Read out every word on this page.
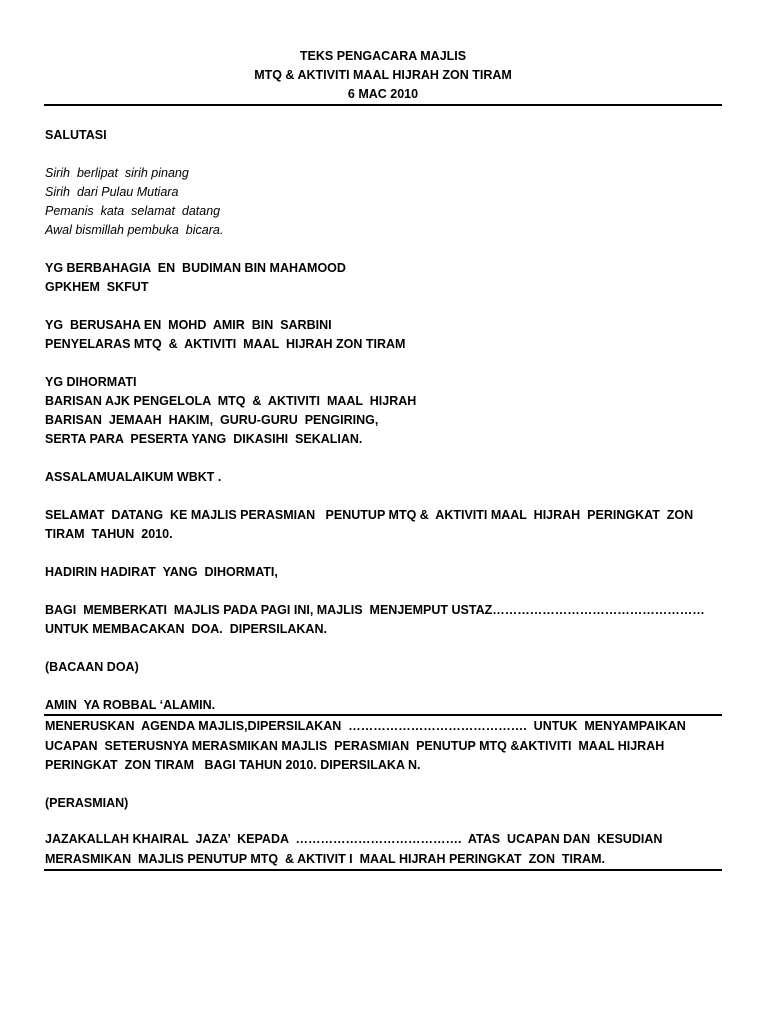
TEKS PENGACARA MAJLIS
MTQ & AKTIVITI MAAL HIJRAH ZON TIRAM
6 MAC 2010
SALUTASI
Sirih  berlipat  sirih pinang
Sirih  dari Pulau Mutiara
Pemanis  kata  selamat  datang
Awal bismillah pembuka  bicara.
YG BERBAHAGIA  EN  BUDIMAN BIN MAHAMOOD
GPKHEM  SKFUT
YG  BERUSAHA EN  MOHD  AMIR  BIN  SARBINI
PENYELARAS MTQ  &  AKTIVITI  MAAL  HIJRAH ZON TIRAM
YG DIHORMATI
BARISAN AJK PENGELOLA  MTQ  &  AKTIVITI  MAAL  HIJRAH
BARISAN  JEMAAH  HAKIM,  GURU-GURU  PENGIRING,
SERTA PARA  PESERTA YANG  DIKASIHI  SEKALIAN.
ASSALAMUALAIKUM WBKT .
SELAMAT  DATANG  KE MAJLIS PERASMIAN   PENUTUP MTQ &  AKTIVITI MAAL  HIJRAH  PERINGKAT  ZON
TIRAM  TAHUN  2010.
HADIRIN HADIRAT  YANG  DIHORMATI,
BAGI  MEMBERKATI  MAJLIS PADA PAGI INI, MAJLIS  MENJEMPUT USTAZ……………………………………………
UNTUK MEMBACAKAN  DOA.  DIPERSILAKAN.
(BACAAN DOA)
AMIN  YA ROBBAL ‘ALAMIN.
MENERUSKAN  AGENDA MAJLIS,DIPERSILAKAN  …………………………………….  UNTUK  MENYAMPAIKAN
UCAPAN  SETERUSNYA MERASMIKAN MAJLIS  PERASMIAN  PENUTUP MTQ &AKTIVITI  MAAL HIJRAH
PERINGKAT  ZON TIRAM   BAGI TAHUN 2010. DIPERSILAKA N.
(PERASMIAN)
JAZAKALLAH KHAIRAL  JAZA’  KEPADA  ………………………………….  ATAS  UCAPAN DAN  KESUDIAN
MERASMIKAN  MAJLIS PENUTUP MTQ  & AKTIVIT I  MAAL HIJRAH PERINGKAT  ZON  TIRAM.
